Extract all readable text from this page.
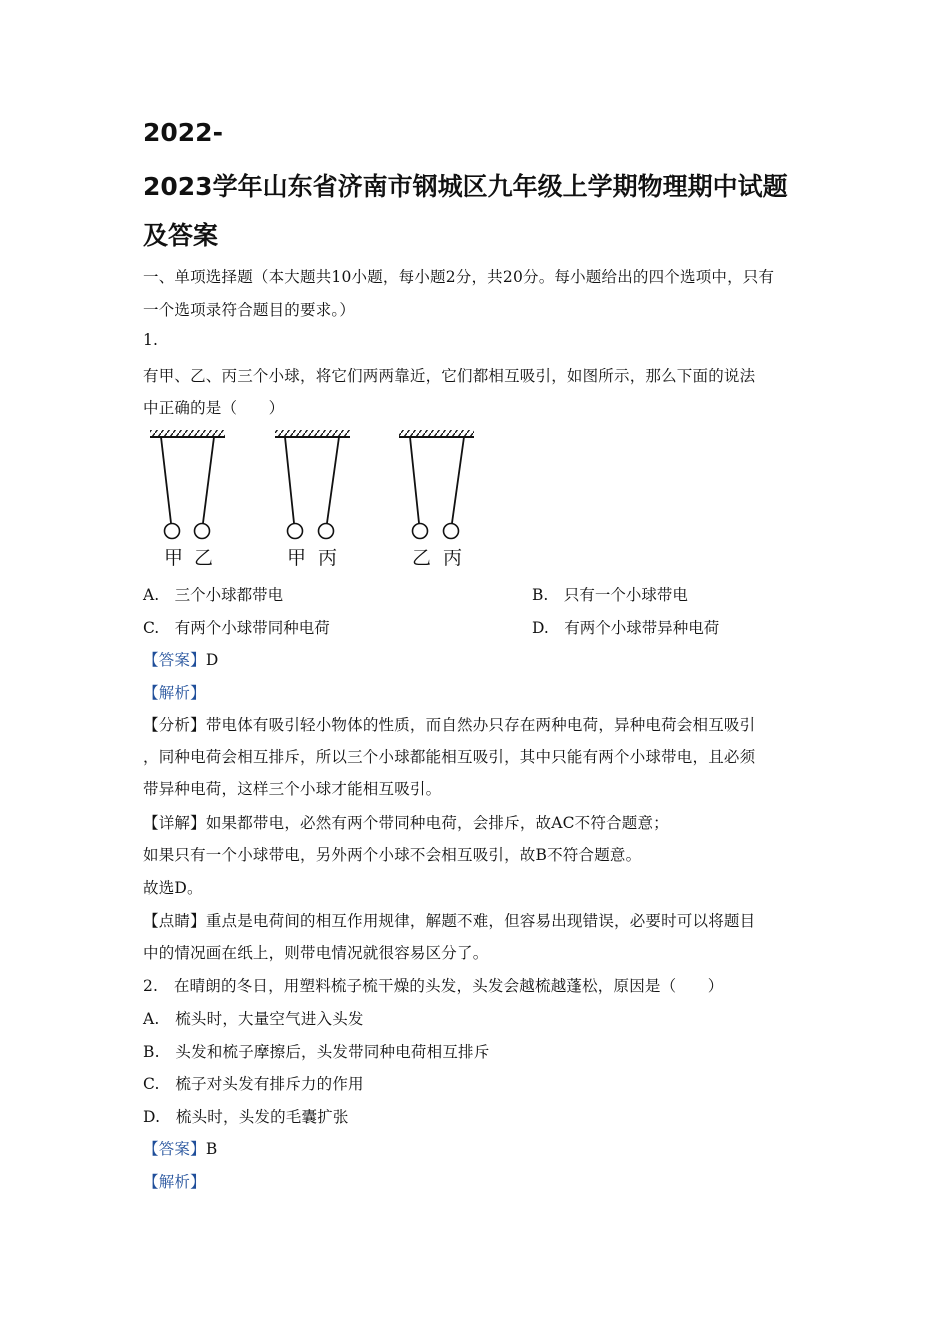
2022-
2023学年山东省济南市钢城区九年级上学期物理期中试题
及答案
一、单项选择题（本大题共10小题，每小题2分，共20分。每小题给出的四个选项中，只有
一个选项录符合题目的要求。）
1.
有甲、乙、丙三个小球，将它们两两靠近，它们都相互吸引，如图所示，那么下面的说法
中正确的是（　　）
甲 乙	甲 丙	乙 丙
A.　三个小球都带电	B.　只有一个小球带电
C.　有两个小球带同种电荷	D.　有两个小球带异种电荷
【答案】D
【解析】
【分析】带电体有吸引轻小物体的性质，而自然办只存在两种电荷，异种电荷会相互吸引
，同种电荷会相互排斥，所以三个小球都能相互吸引，其中只能有两个小球带电，且必须
带异种电荷，这样三个小球才能相互吸引。
【详解】如果都带电，必然有两个带同种电荷，会排斥，故AC不符合题意；
如果只有一个小球带电，另外两个小球不会相互吸引，故B不符合题意。
故选D。
【点睛】重点是电荷间的相互作用规律，解题不难，但容易出现错误，必要时可以将题目
中的情况画在纸上，则带电情况就很容易区分了。
2.　在晴朗的冬日，用塑料梳子梳干燥的头发，头发会越梳越蓬松，原因是（　　）
A.　梳头时，大量空气进入头发
B.　头发和梳子摩擦后，头发带同种电荷相互排斥
C.　梳子对头发有排斥力的作用
D.　梳头时，头发的毛囊扩张
【答案】B
【解析】
